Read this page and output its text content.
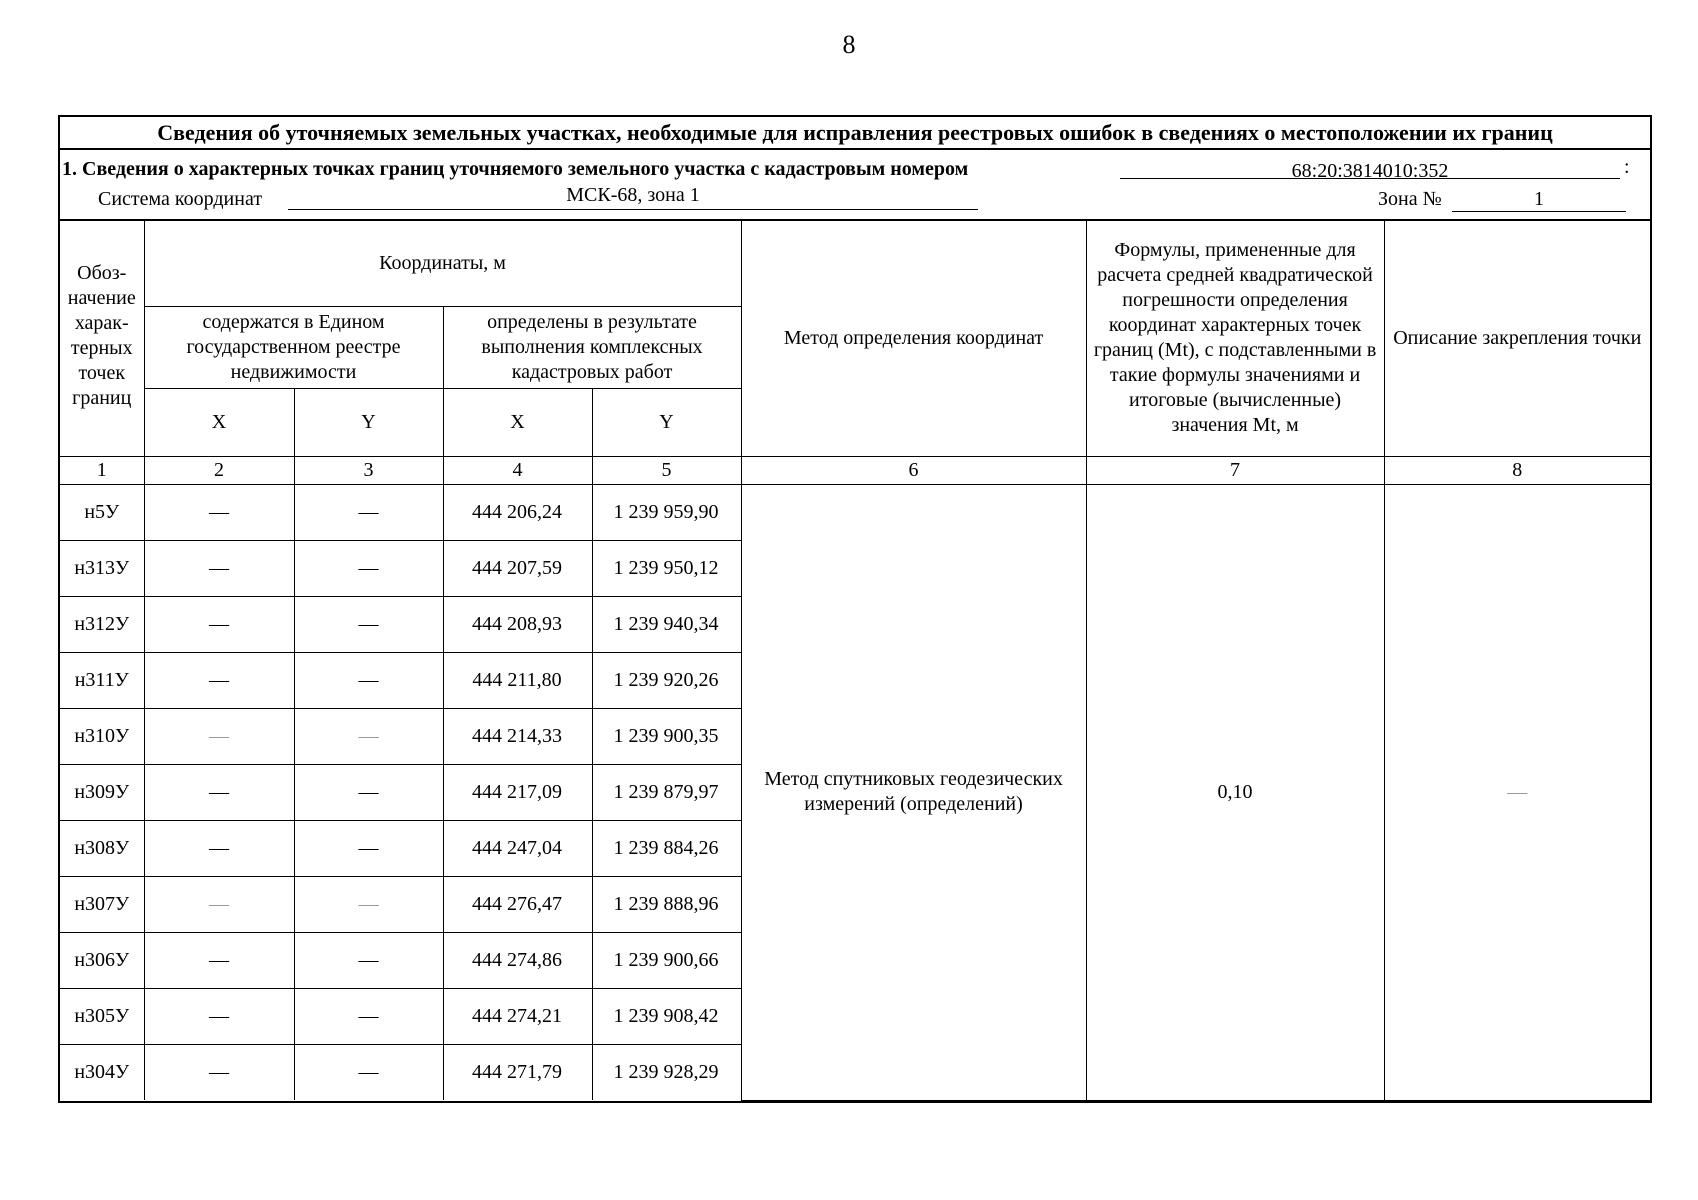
8
Сведения об уточняемых земельных участках, необходимые для исправления реестровых ошибок в сведениях о местоположении их границ
1. Сведения о характерных точках границ уточняемого земельного участка с кадастровым номером	68:20:3814010:352	:
Система координат	МСК-68, зона 1	Зона №	1
Обоз-начение харак-терных точек границ	Координаты, м				Метод определения координат	Формулы, примененные для расчета средней квадратической погрешности определения координат характерных точек границ (Mt), с подставленными в такие формулы значениями и итоговые (вычисленные) значения Mt, м	Описание закрепления точки
	содержатся в Едином государственном реестре недвижимости		определены в результате выполнения комплексных кадастровых работ				
	X	Y	X	Y			
1	2	3	4	5	6	7	8
н5У	—	—	444 206,24	1 239 959,90	Метод спутниковых геодезических измерений (определений)	0,10	—
н313У	—	—	444 207,59	1 239 950,12			
н312У	—	—	444 208,93	1 239 940,34			
н311У	—	—	444 211,80	1 239 920,26			
н310У	—	—	444 214,33	1 239 900,35			
н309У	—	—	444 217,09	1 239 879,97			
н308У	—	—	444 247,04	1 239 884,26			
н307У	—	—	444 276,47	1 239 888,96			
н306У	—	—	444 274,86	1 239 900,66			
н305У	—	—	444 274,21	1 239 908,42			
н304У	—	—	444 271,79	1 239 928,29			
